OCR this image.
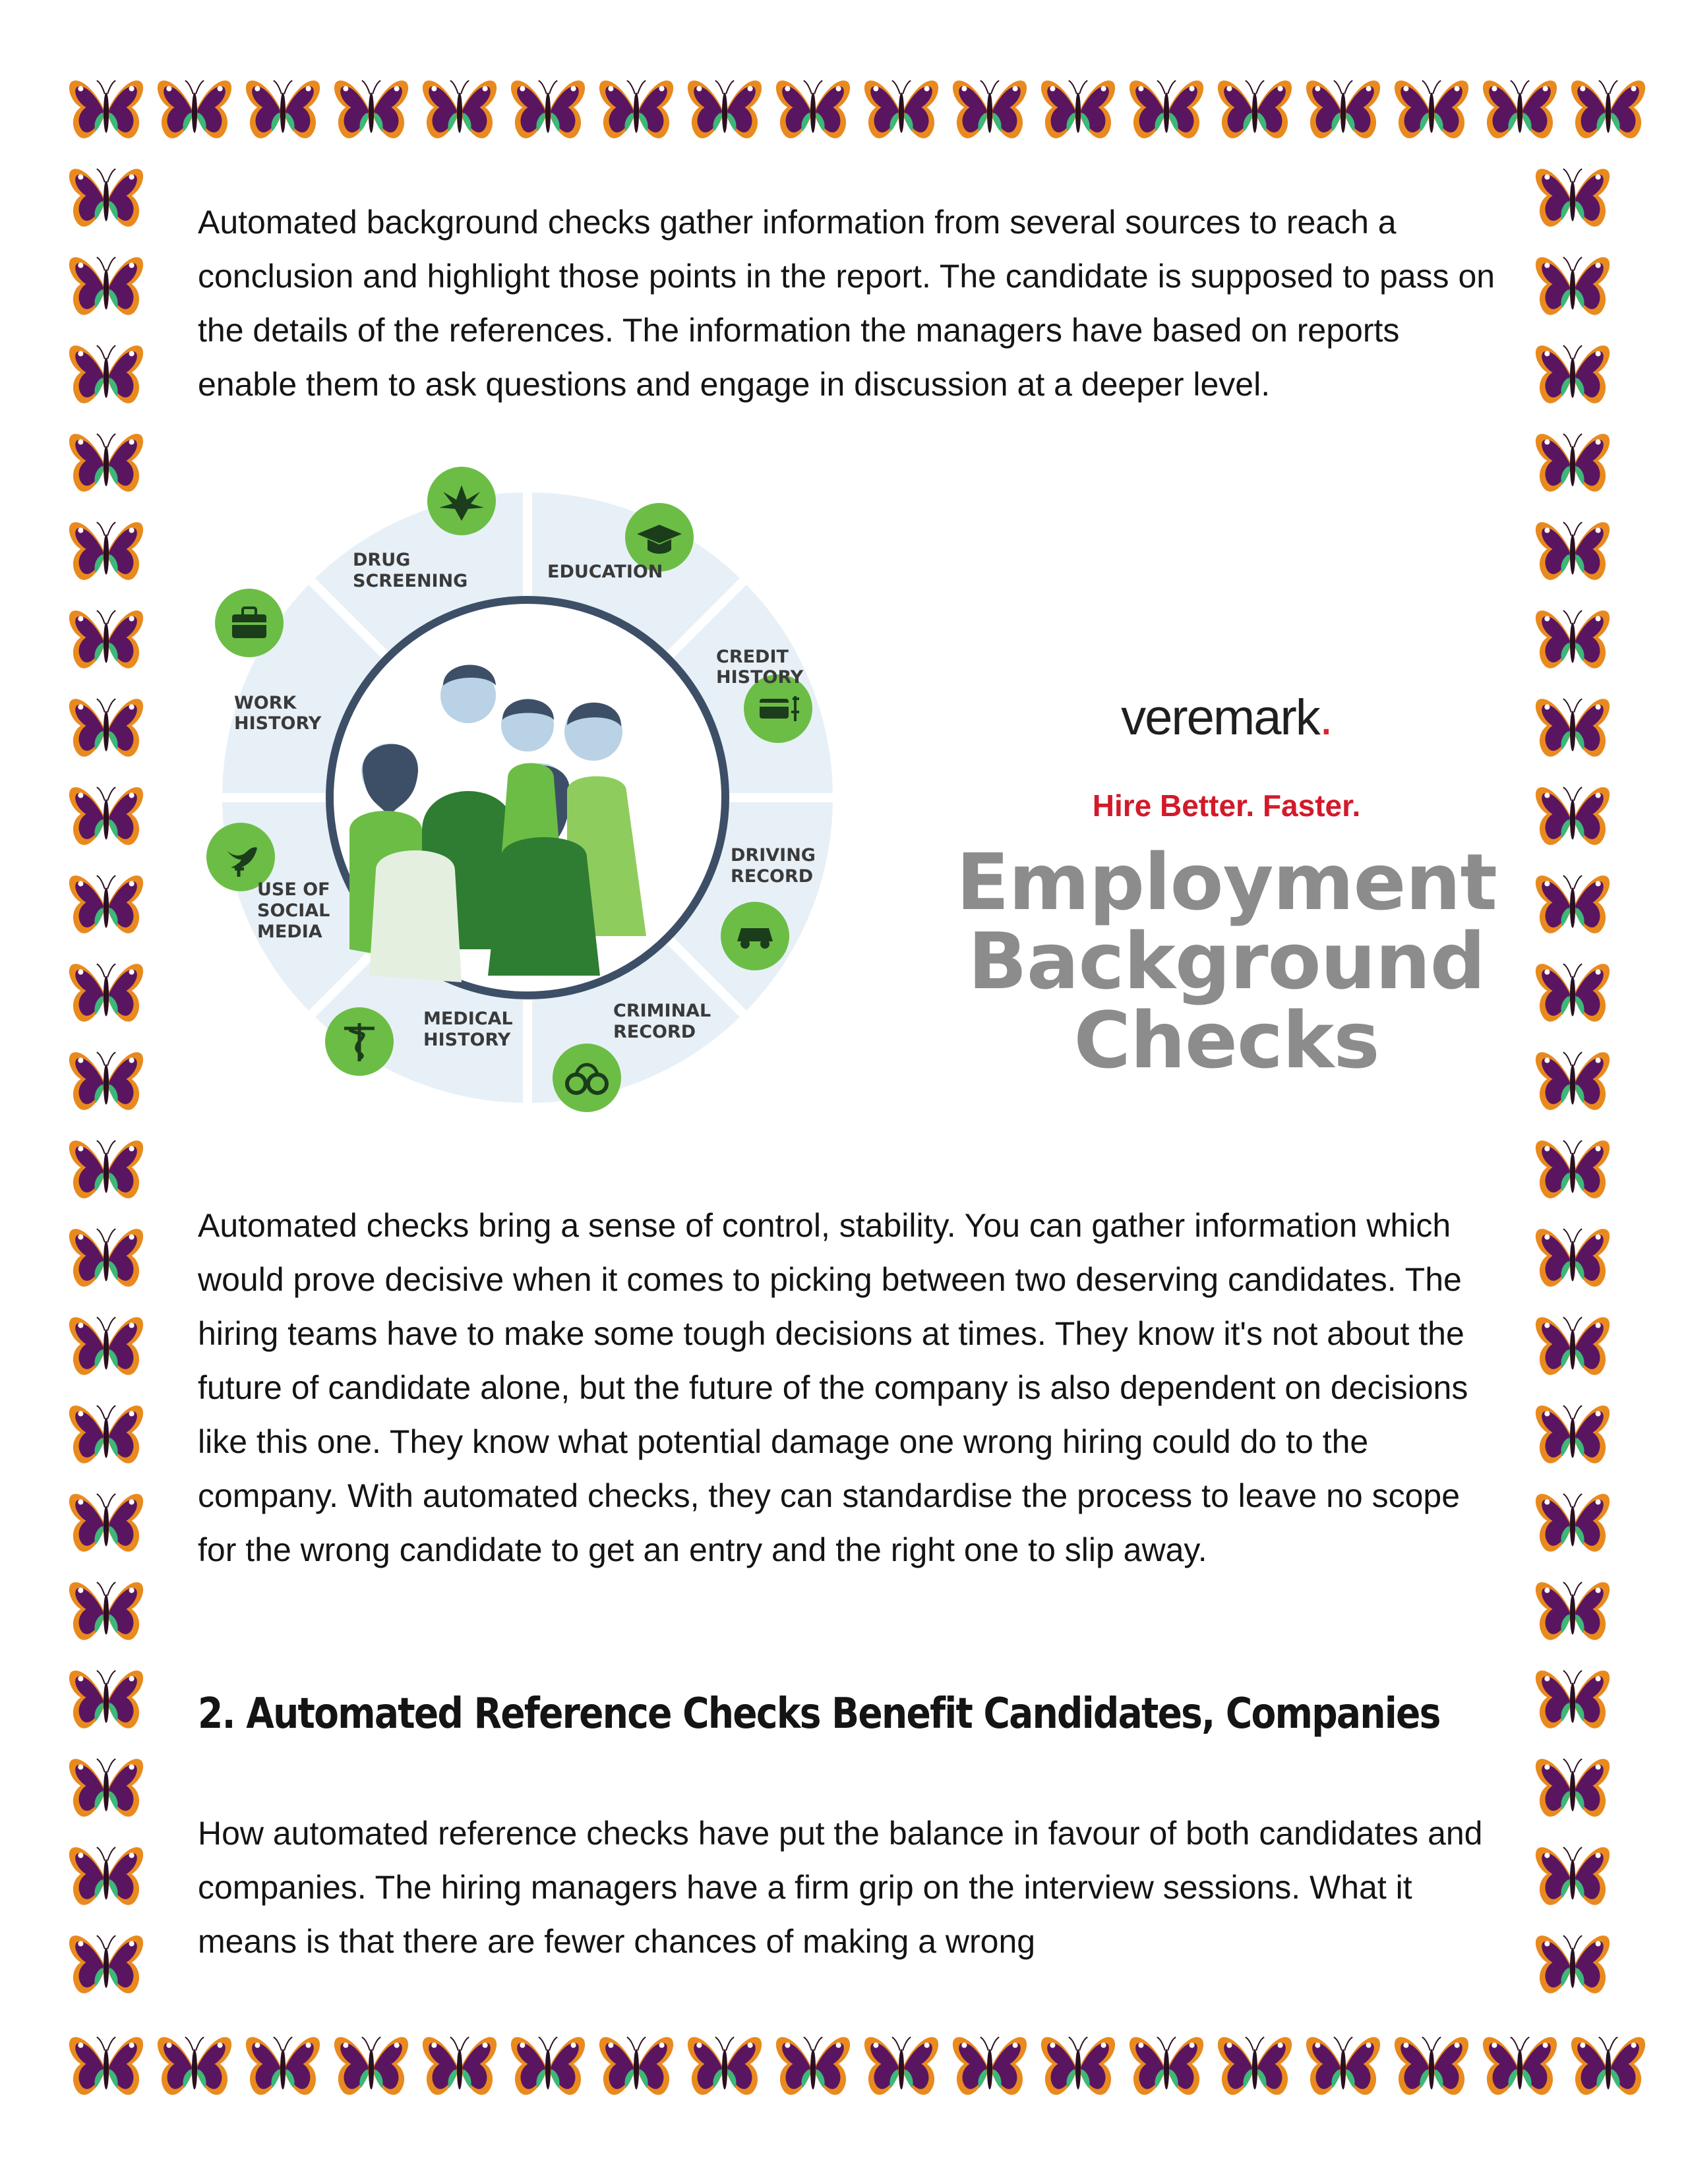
Automated background checks gather information from several sources to reach a conclusion and highlight those points in the report. The candidate is supposed to pass on the details of the references. The information the managers have based on reports enable them to ask questions and engage in discussion at a deeper level.

DRUG
SCREENING	EDUCATION
CREDIT
HISTORY
DRIVING
RECORD
CRIMINAL
RECORD
MEDICAL
HISTORY
USE OF
SOCIAL
MEDIA
WORK
HISTORY	veremark.
Hire Better. Faster.
Employment
Background
Checks

Automated checks bring a sense of control, stability. You can gather information which would prove decisive when it comes to picking between two deserving candidates. The hiring teams have to make some tough decisions at times. They know it's not about the future of candidate alone, but the future of the company is also dependent on decisions like this one. They know what potential damage one wrong hiring could do to the company. With automated checks, they can standardise the process to leave no scope for the wrong candidate to get an entry and the right one to slip away.

2. Automated Reference Checks Benefit Candidates, Companies

How automated reference checks have put the balance in favour of both candidates and companies. The hiring managers have a firm grip on the interview sessions. What it means is that there are fewer chances of making a wrong
